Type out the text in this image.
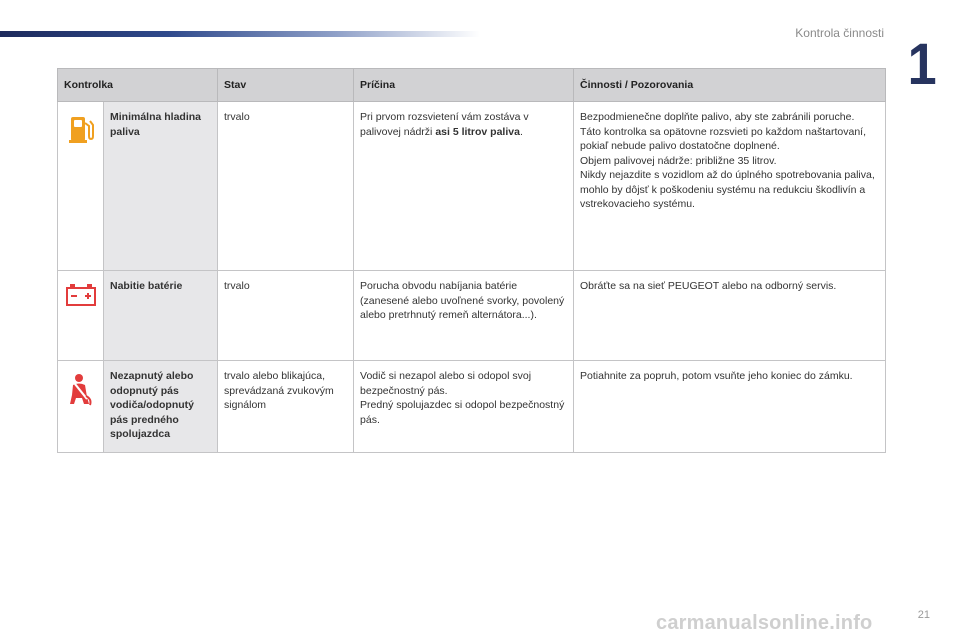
Kontrola činnosti 1
Kontrolka		Stav	Príčina	Činnosti / Pozorovania
	Minimálna hladina paliva	trvalo	Pri prvom rozsvietení vám zostáva v palivovej nádrži asi 5 litrov paliva.	Bezpodmienečne doplňte palivo, aby ste zabránili poruche.
Táto kontrolka sa opätovne rozsvieti po každom naštartovaní, pokiaľ nebude palivo dostatočne doplnené.
Objem palivovej nádrže: približne 35 litrov.
Nikdy nejazdite s vozidlom až do úplného spotrebovania paliva, mohlo by dôjsť k poškodeniu systému na redukciu škodlivín a vstrekovacieho systému.
	Nabitie batérie	trvalo	Porucha obvodu nabíjania batérie (zanesené alebo uvoľnené svorky, povolený alebo pretrhnutý remeň alternátora...).	Obráťte sa na sieť PEUGEOT alebo na odborný servis.
	Nezapnutý alebo odopnutý pás vodiča/odopnutý pás predného spolujazdca	trvalo alebo blikajúca, sprevádzaná zvukovým signálom	Vodič si nezapol alebo si odopol svoj bezpečnostný pás.
Predný spolujazdec si odopol bezpečnostný pás.	Potiahnite za popruh, potom vsuňte jeho koniec do zámku.
carmanualsonline.info	21
